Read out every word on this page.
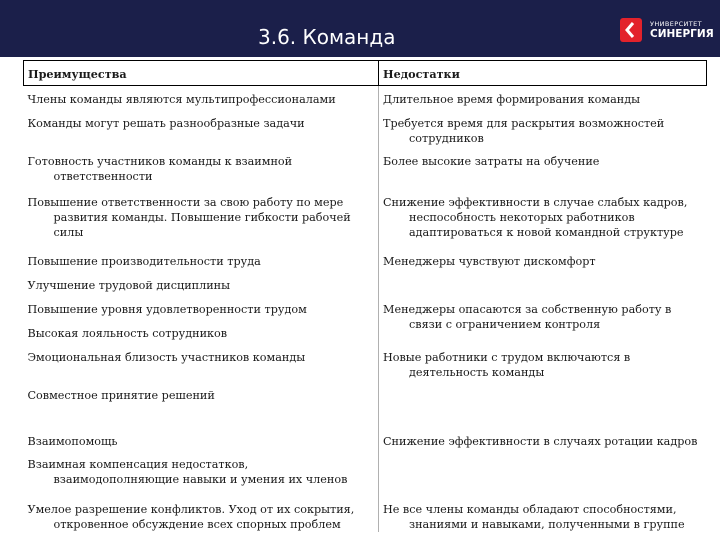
3.6. Команда
УНИВЕРСИТЕТ
СИНЕРГИЯ
Преимущества	Недостатки
Члены команды являются мультипрофессионалами	Длительное время формирования команды
Команды могут решать разнообразные задачи	Требуется время для раскрытия возможностей сотрудников
Готовность участников команды к взаимной ответственности	Более высокие затраты на обучение
Повышение ответственности за свою работу по мере развития команды. Повышение гибкости рабочей силы	Снижение эффективности в случае слабых кадров, неспособность некоторых работников адаптироваться к новой командной структуре
Повышение производительности труда	Менеджеры чувствуют дискомфорт
Улучшение трудовой дисциплины	
Повышение уровня удовлетворенности трудом	Менеджеры опасаются за собственную работу в связи с ограничением контроля
Высокая лояльность сотрудников	
Эмоциональная близость участников команды	Новые работники с трудом включаются в деятельность команды
Совместное принятие решений	
Взаимопомощь	Снижение эффективности в случаях ротации кадров
Взаимная компенсация недостатков, взаимодополняющие навыки и умения их членов	
Умелое разрешение конфликтов. Уход от их сокрытия, откровенное обсуждение всех спорных проблем	Не все члены команды обладают способностями, знаниями и навыками, полученными в группе
